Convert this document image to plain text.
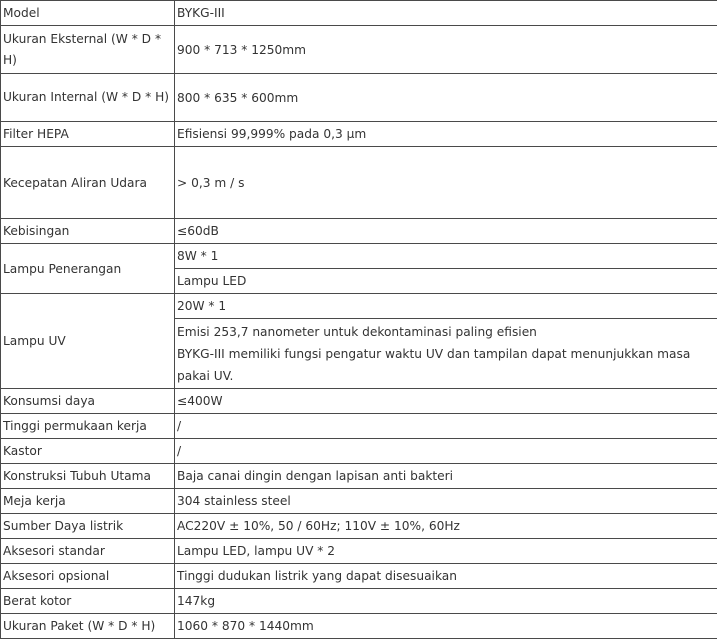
Model	BYKG-III
Ukuran Eksternal (W * D * H)	900 * 713 * 1250mm
Ukuran Internal (W * D * H)	800 * 635 * 600mm
Filter HEPA	Efisiensi 99,999% pada 0,3 μm
Kecepatan Aliran Udara	> 0,3 m / s
Kebisingan	≤60dB
Lampu Penerangan	8W * 1
	Lampu LED
Lampu UV	20W * 1

	Emisi 253,7 nanometer untuk dekontaminasi paling efisien
BYKG-III memiliki fungsi pengatur waktu UV dan tampilan dapat menunjukkan masa pakai UV.

Konsumsi daya	≤400W
Tinggi permukaan kerja	/
Kastor	/
Konstruksi Tubuh Utama	Baja canai dingin dengan lapisan anti bakteri
Meja kerja	304 stainless steel
Sumber Daya listrik	AC220V ± 10%, 50 / 60Hz; 110V ± 10%, 60Hz
Aksesori standar	Lampu LED, lampu UV * 2
Aksesori opsional	Tinggi dudukan listrik yang dapat disesuaikan
Berat kotor	147kg
Ukuran Paket (W * D * H)	1060 * 870 * 1440mm
